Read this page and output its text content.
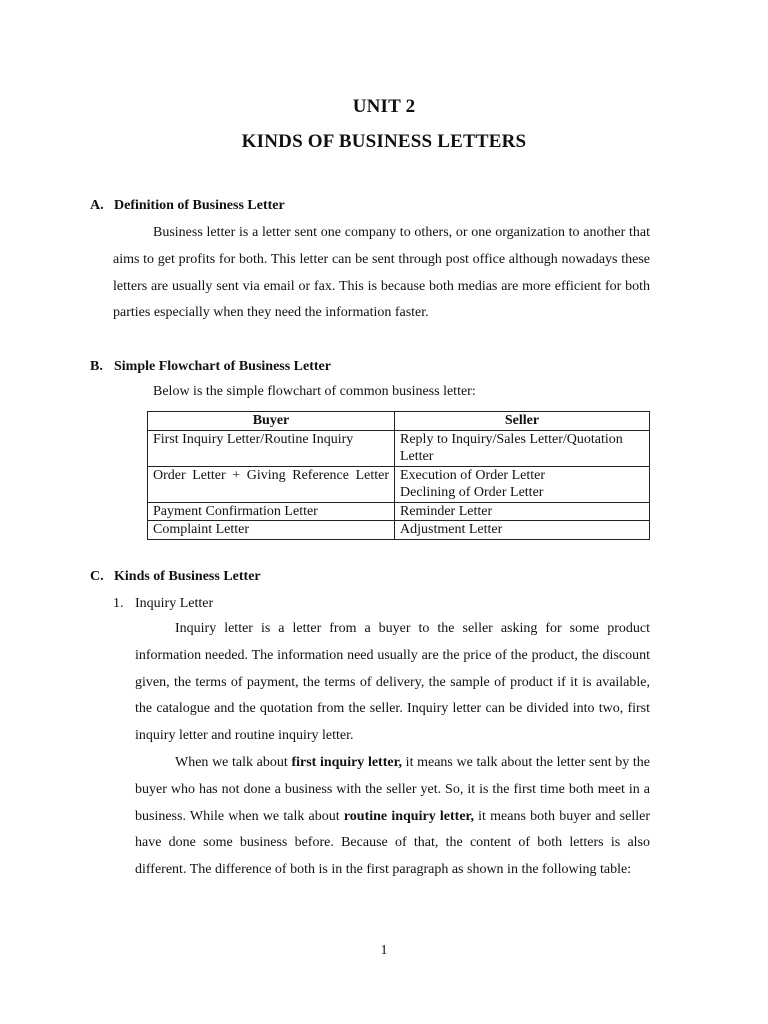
UNIT 2
KINDS OF BUSINESS LETTERS
A. Definition of Business Letter

Business letter is a letter sent one company to others, or one organization to another that aims to get profits for both. This letter can be sent through post office although nowadays these letters are usually sent via email or fax. This is because both medias are more efficient for both parties especially when they need the information faster.

B. Simple Flowchart of Business Letter
Below is the simple flowchart of common business letter:
Buyer	Seller
First Inquiry Letter/Routine Inquiry	Reply to Inquiry/Sales Letter/Quotation Letter

Order Letter + Giving Reference Letter	Execution of Order Letter
Declining of Order Letter

Payment Confirmation Letter	Reminder Letter
Complaint Letter	Adjustment Letter
C. Kinds of Business Letter
1. Inquiry Letter

Inquiry letter is a letter from a buyer to the seller asking for some product information needed. The information need usually are the price of the product, the discount given, the terms of payment, the terms of delivery, the sample of product if it is available, the catalogue and the quotation from the seller. Inquiry letter can be divided into two, first inquiry letter and routine inquiry letter.

When we talk about first inquiry letter, it means we talk about the letter sent by the buyer who has not done a business with the seller yet. So, it is the first time both meet in a business. While when we talk about routine inquiry letter, it means both buyer and seller have done some business before. Because of that, the content of both letters is also different. The difference of both is in the first paragraph as shown in the following table:

1
